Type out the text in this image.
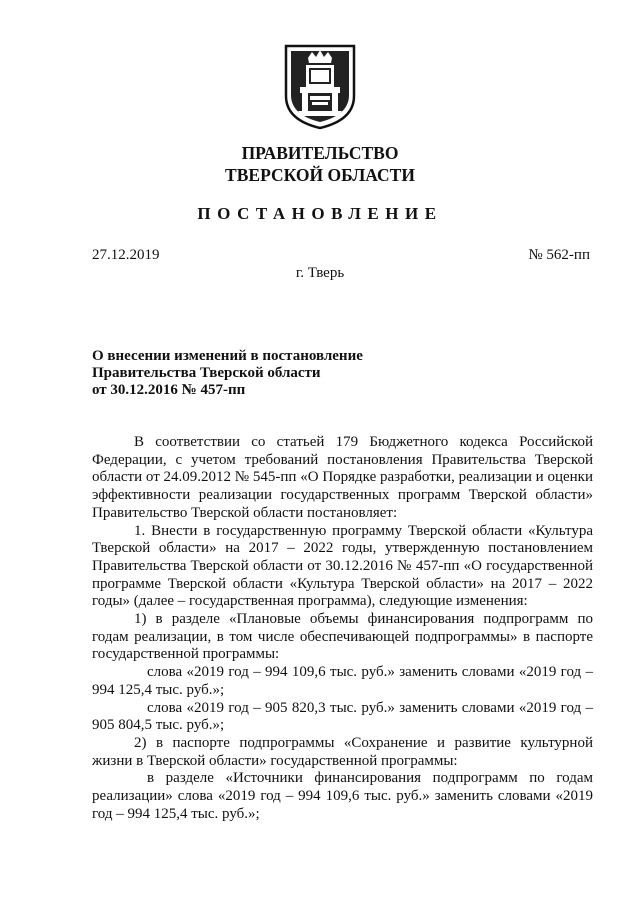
ПРАВИТЕЛЬСТВО
ТВЕРСКОЙ ОБЛАСТИ
ПОСТАНОВЛЕНИЕ
27.12.2019	№ 562-пп
г. Тверь
О внесении изменений в постановление
Правительства Тверской области
от 30.12.2016 № 457-пп
В соответствии со статьей 179 Бюджетного кодекса Российской Федерации, с учетом требований постановления Правительства Тверской области от 24.09.2012 № 545-пп «О Порядке разработки, реализации и оценки эффективности реализации государственных программ Тверской области» Правительство Тверской области постановляет:
1. Внести в государственную программу Тверской области «Культура Тверской области» на 2017 – 2022 годы, утвержденную постановлением Правительства Тверской области от 30.12.2016 № 457-пп «О государственной программе Тверской области «Культура Тверской области» на 2017 – 2022 годы» (далее – государственная программа), следующие изменения:
1) в разделе «Плановые объемы финансирования подпрограмм по годам реализации, в том числе обеспечивающей подпрограммы» в паспорте государственной программы:
слова «2019 год – 994 109,6 тыс. руб.» заменить словами «2019 год – 994 125,4 тыс. руб.»;
слова «2019 год – 905 820,3 тыс. руб.» заменить словами «2019 год – 905 804,5 тыс. руб.»;
2) в паспорте подпрограммы «Сохранение и развитие культурной жизни в Тверской области» государственной программы:
в разделе «Источники финансирования подпрограмм по годам реализации» слова «2019 год – 994 109,6 тыс. руб.» заменить словами «2019 год – 994 125,4 тыс. руб.»;
